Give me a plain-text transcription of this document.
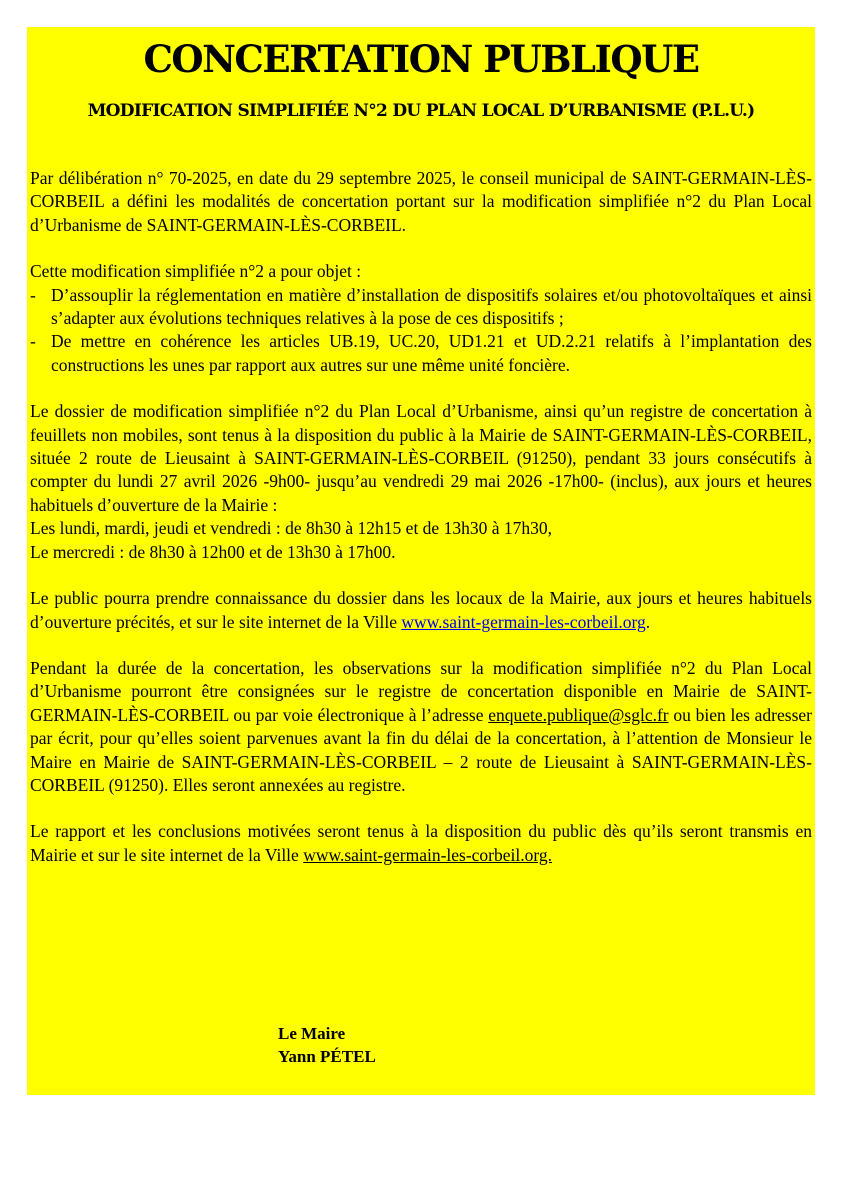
CONCERTATION PUBLIQUE
MODIFICATION SIMPLIFIÉE N°2 DU PLAN LOCAL D’URBANISME (P.L.U.)

Par délibération n° 70-2025, en date du 29 septembre 2025, le conseil municipal de SAINT-GERMAIN-LÈS-CORBEIL a défini les modalités de concertation portant sur la modification simplifiée n°2 du Plan Local d’Urbanisme de SAINT-GERMAIN-LÈS-CORBEIL.

Cette modification simplifiée n°2 a pour objet :

- D’assouplir la réglementation en matière d’installation de dispositifs solaires et/ou photovoltaïques et ainsi s’adapter aux évolutions techniques relatives à la pose de ces dispositifs ;
- De mettre en cohérence les articles UB.19, UC.20, UD1.21 et UD.2.21 relatifs à l’implantation des constructions les unes par rapport aux autres sur une même unité foncière.

Le dossier de modification simplifiée n°2 du Plan Local d’Urbanisme, ainsi qu’un registre de concertation à feuillets non mobiles, sont tenus à la disposition du public à la Mairie de SAINT-GERMAIN-LÈS-CORBEIL, située 2 route de Lieusaint à SAINT-GERMAIN-LÈS-CORBEIL (91250), pendant 33 jours consécutifs à compter du lundi 27 avril 2026 -9h00- jusqu’au vendredi 29 mai 2026 -17h00- (inclus), aux jours et heures habituels d’ouverture de la Mairie :

Les lundi, mardi, jeudi et vendredi : de 8h30 à 12h15 et de 13h30 à 17h30,

Le mercredi : de 8h30 à 12h00 et de 13h30 à 17h00.

Le public pourra prendre connaissance du dossier dans les locaux de la Mairie, aux jours et heures habituels d’ouverture précités, et sur le site internet de la Ville www.saint-germain-les-corbeil.org.

Pendant la durée de la concertation, les observations sur la modification simplifiée n°2 du Plan Local d’Urbanisme pourront être consignées sur le registre de concertation disponible en Mairie de SAINT-GERMAIN-LÈS-CORBEIL ou par voie électronique à l’adresse enquete.publique@sglc.fr ou bien les adresser par écrit, pour qu’elles soient parvenues avant la fin du délai de la concertation, à l’attention de Monsieur le Maire en Mairie de SAINT-GERMAIN-LÈS-CORBEIL – 2 route de Lieusaint à SAINT-GERMAIN-LÈS-CORBEIL (91250). Elles seront annexées au registre.

Le rapport et les conclusions motivées seront tenus à la disposition du public dès qu’ils seront transmis en Mairie et sur le site internet de la Ville www.saint-germain-les-corbeil.org.

Le Maire
Yann PÉTEL
